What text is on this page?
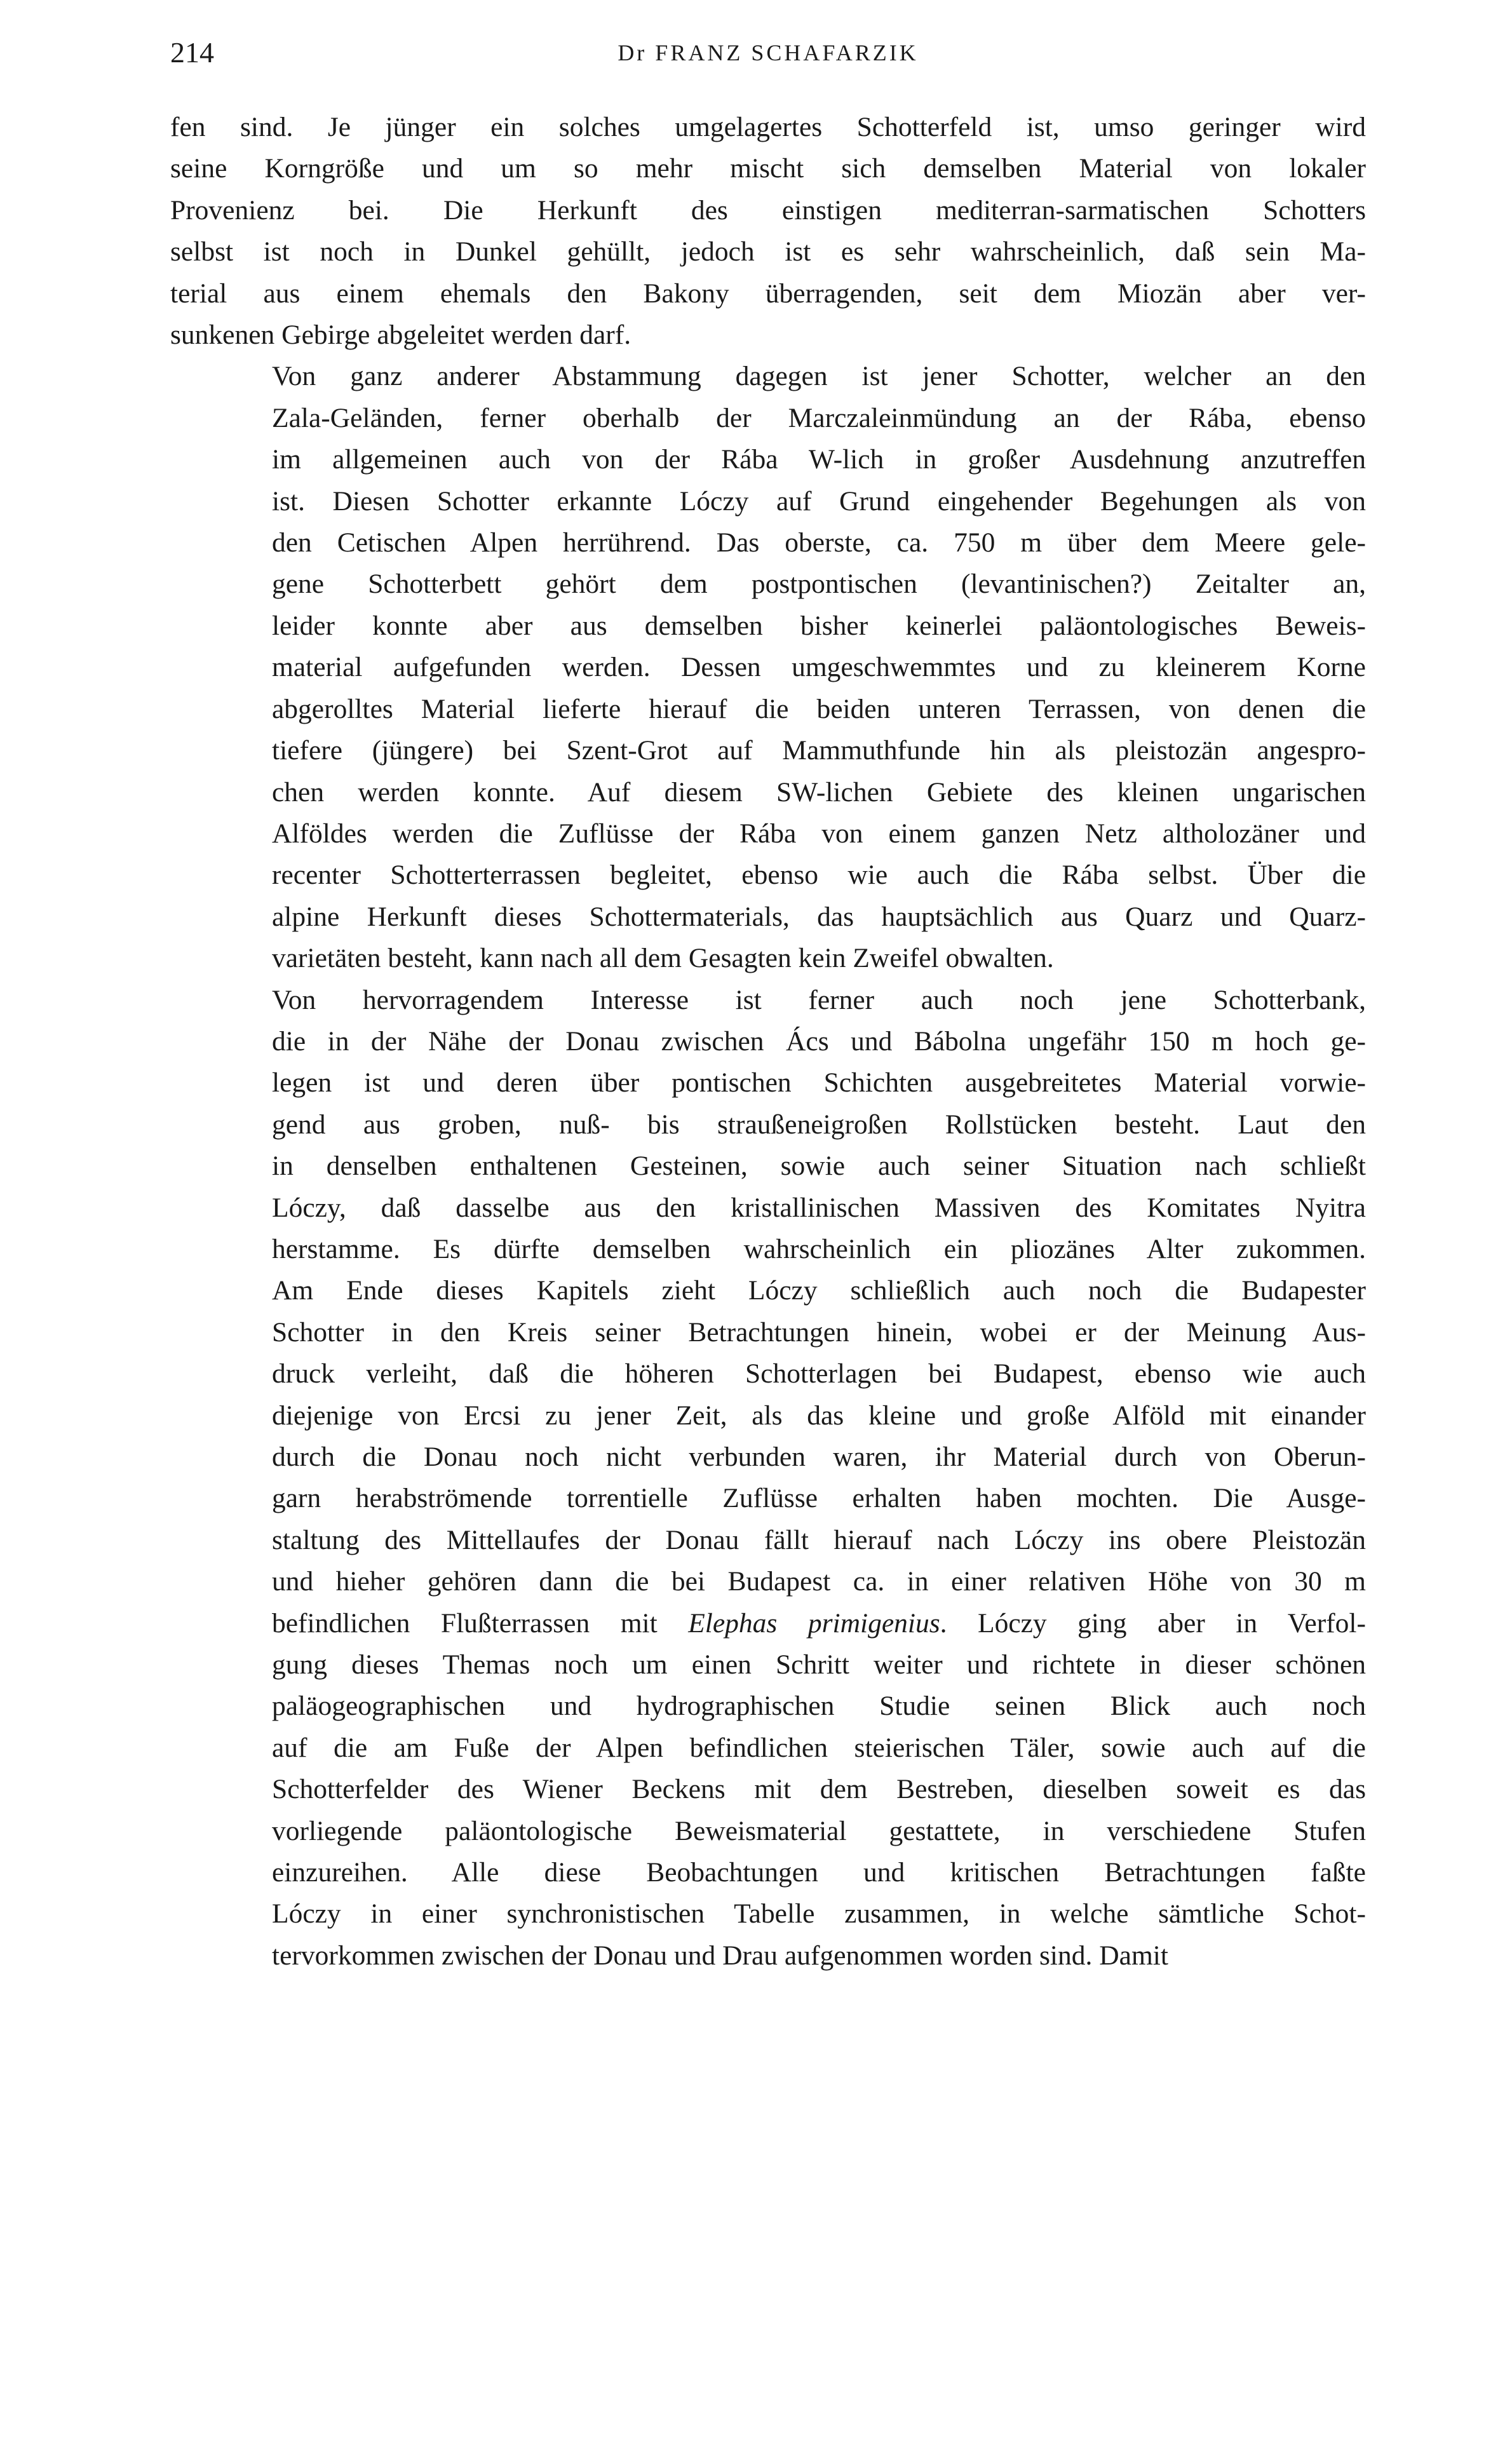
214	Dr FRANZ SCHAFARZIK

fen sind. Je jünger ein solches umgelagertes Schotterfeld ist, umso geringer wird
seine Korngröße und um so mehr mischt sich demselben Material von lokaler
Provenienz bei. Die Herkunft des einstigen mediterran-sarmatischen Schotters
selbst ist noch in Dunkel gehüllt, jedoch ist es sehr wahrscheinlich, daß sein Ma-
terial aus einem ehemals den Bakony überragenden, seit dem Miozän aber ver-
sunkenen Gebirge abgeleitet werden darf.

Von ganz anderer Abstammung dagegen ist jener Schotter, welcher an den
Zala-Geländen, ferner oberhalb der Marczaleinmündung an der Rába, ebenso
im allgemeinen auch von der Rába W-lich in großer Ausdehnung anzutreffen
ist. Diesen Schotter erkannte Lóczy auf Grund eingehender Begehungen als von
den Cetischen Alpen herrührend. Das oberste, ca. 750 m über dem Meere gele-
gene Schotterbett gehört dem postpontischen (levantinischen?) Zeitalter an,
leider konnte aber aus demselben bisher keinerlei paläontologisches Beweis-
material aufgefunden werden. Dessen umgeschwemmtes und zu kleinerem Korne
abgerolltes Material lieferte hierauf die beiden unteren Terrassen, von denen die
tiefere (jüngere) bei Szent-Grot auf Mammuthfunde hin als pleistozän angespro-
chen werden konnte. Auf diesem SW-lichen Gebiete des kleinen ungarischen
Alföldes werden die Zuflüsse der Rába von einem ganzen Netz altholozäner und
recenter Schotterterrassen begleitet, ebenso wie auch die Rába selbst. Über die
alpine Herkunft dieses Schottermaterials, das hauptsächlich aus Quarz und Quarz-
varietäten besteht, kann nach all dem Gesagten kein Zweifel obwalten.

Von hervorragendem Interesse ist ferner auch noch jene Schotterbank,
die in der Nähe der Donau zwischen Ács und Bábolna ungefähr 150 m hoch ge-
legen ist und deren über pontischen Schichten ausgebreitetes Material vorwie-
gend aus groben, nuß- bis straußeneigroßen Rollstücken besteht. Laut den
in denselben enthaltenen Gesteinen, sowie auch seiner Situation nach schließt
Lóczy, daß dasselbe aus den kristallinischen Massiven des Komitates Nyitra
herstamme. Es dürfte demselben wahrscheinlich ein pliozänes Alter zukommen.
Am Ende dieses Kapitels zieht Lóczy schließlich auch noch die Budapester
Schotter in den Kreis seiner Betrachtungen hinein, wobei er der Meinung Aus-
druck verleiht, daß die höheren Schotterlagen bei Budapest, ebenso wie auch
diejenige von Ercsi zu jener Zeit, als das kleine und große Alföld mit einander
durch die Donau noch nicht verbunden waren, ihr Material durch von Oberun-
garn herabströmende torrentielle Zuflüsse erhalten haben mochten. Die Ausge-
staltung des Mittellaufes der Donau fällt hierauf nach Lóczy ins obere Pleistozän
und hieher gehören dann die bei Budapest ca. in einer relativen Höhe von 30 m
befindlichen Flußterrassen mit Elephas primigenius. Lóczy ging aber in Verfol-
gung dieses Themas noch um einen Schritt weiter und richtete in dieser schönen
paläogeographischen und hydrographischen Studie seinen Blick auch noch
auf die am Fuße der Alpen befindlichen steierischen Täler, sowie auch auf die
Schotterfelder des Wiener Beckens mit dem Bestreben, dieselben soweit es das
vorliegende paläontologische Beweismaterial gestattete, in verschiedene Stufen
einzureihen. Alle diese Beobachtungen und kritischen Betrachtungen faßte
Lóczy in einer synchronistischen Tabelle zusammen, in welche sämtliche Schot-
tervorkommen zwischen der Donau und Drau aufgenommen worden sind. Damit
